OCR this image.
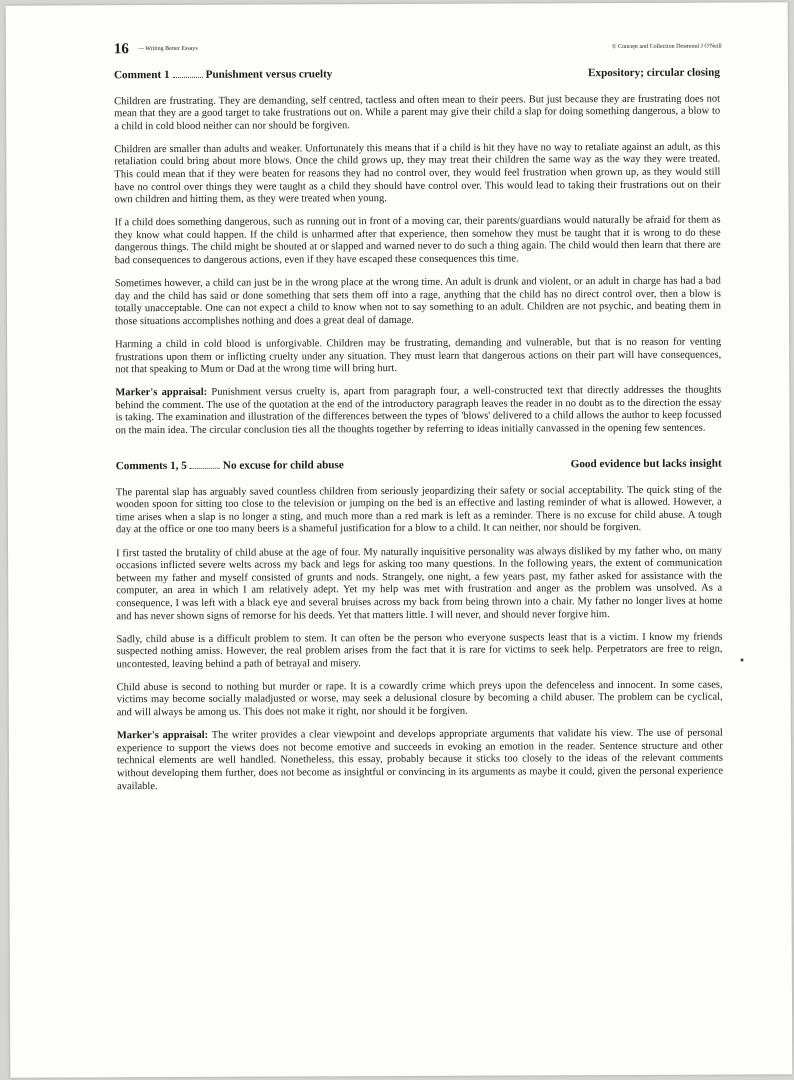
16 — Writing Better Essays	© Concept and Collection Desmond J O'Neill
Comment 1	Punishment versus cruelty	Expository; circular closing

Children are frustrating. They are demanding, self centred, tactless and often mean to their peers. But just because they are frustrating does not mean that they are a good target to take frustrations out on. While a parent may give their child a slap for doing something dangerous, a blow to a child in cold blood neither can nor should be forgiven.

Children are smaller than adults and weaker. Unfortunately this means that if a child is hit they have no way to retaliate against an adult, as this retaliation could bring about more blows. Once the child grows up, they may treat their children the same way as the way they were treated. This could mean that if they were beaten for reasons they had no control over, they would feel frustration when grown up, as they would still have no control over things they were taught as a child they should have control over. This would lead to taking their frustrations out on their own children and hitting them, as they were treated when young.

If a child does something dangerous, such as running out in front of a moving car, their parents/guardians would naturally be afraid for them as they know what could happen. If the child is unharmed after that experience, then somehow they must be taught that it is wrong to do these dangerous things. The child might be shouted at or slapped and warned never to do such a thing again. The child would then learn that there are bad consequences to dangerous actions, even if they have escaped these consequences this time.

Sometimes however, a child can just be in the wrong place at the wrong time. An adult is drunk and violent, or an adult in charge has had a bad day and the child has said or done something that sets them off into a rage, anything that the child has no direct control over, then a blow is totally unacceptable. One can not expect a child to know when not to say something to an adult. Children are not psychic, and beating them in those situations accomplishes nothing and does a great deal of damage.

Harming a child in cold blood is unforgivable. Children may be frustrating, demanding and vulnerable, but that is no reason for venting frustrations upon them or inflicting cruelty under any situation. They must learn that dangerous actions on their part will have consequences, not that speaking to Mum or Dad at the wrong time will bring hurt.

Marker's appraisal: Punishment versus cruelty is, apart from paragraph four, a well-constructed text that directly addresses the thoughts behind the comment. The use of the quotation at the end of the introductory paragraph leaves the reader in no doubt as to the direction the essay is taking. The examination and illustration of the differences between the types of 'blows' delivered to a child allows the author to keep focussed on the main idea. The circular conclusion ties all the thoughts together by referring to ideas initially canvassed in the opening few sentences.

Comments 1, 5	No excuse for child abuse	Good evidence but lacks insight

The parental slap has arguably saved countless children from seriously jeopardizing their safety or social acceptability. The quick sting of the wooden spoon for sitting too close to the television or jumping on the bed is an effective and lasting reminder of what is allowed. However, a time arises when a slap is no longer a sting, and much more than a red mark is left as a reminder. There is no excuse for child abuse. A tough day at the office or one too many beers is a shameful justification for a blow to a child. It can neither, nor should be forgiven.

I first tasted the brutality of child abuse at the age of four. My naturally inquisitive personality was always disliked by my father who, on many occasions inflicted severe welts across my back and legs for asking too many questions. In the following years, the extent of communication between my father and myself consisted of grunts and nods. Strangely, one night, a few years past, my father asked for assistance with the computer, an area in which I am relatively adept. Yet my help was met with frustration and anger as the problem was unsolved. As a consequence, I was left with a black eye and several bruises across my back from being thrown into a chair. My father no longer lives at home and has never shown signs of remorse for his deeds. Yet that matters little. I will never, and should never forgive him.

Sadly, child abuse is a difficult problem to stem. It can often be the person who everyone suspects least that is a victim. I know my friends suspected nothing amiss. However, the real problem arises from the fact that it is rare for victims to seek help. Perpetrators are free to reign, uncontested, leaving behind a path of betrayal and misery.

Child abuse is second to nothing but murder or rape. It is a cowardly crime which preys upon the defenceless and innocent. In some cases, victims may become socially maladjusted or worse, may seek a delusional closure by becoming a child abuser. The problem can be cyclical, and will always be among us. This does not make it right, nor should it be forgiven.

Marker's appraisal: The writer provides a clear viewpoint and develops appropriate arguments that validate his view. The use of personal experience to support the views does not become emotive and succeeds in evoking an emotion in the reader. Sentence structure and other technical elements are well handled. Nonetheless, this essay, probably because it sticks too closely to the ideas of the relevant comments without developing them further, does not become as insightful or convincing in its arguments as maybe it could, given the personal experience available.
